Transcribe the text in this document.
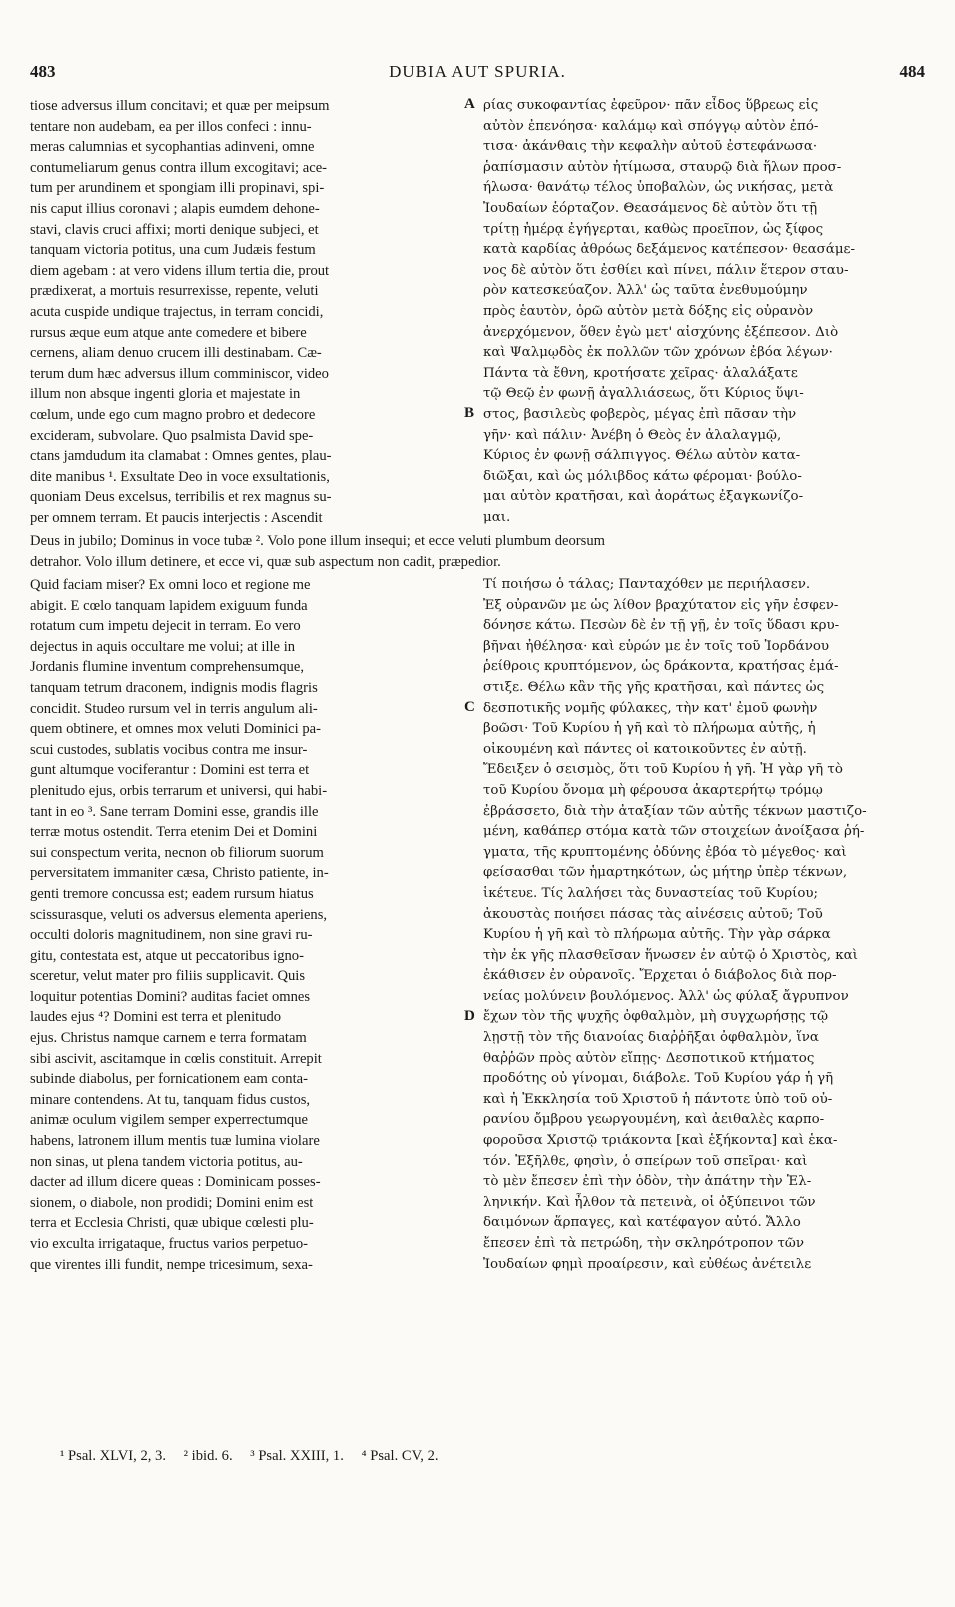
483	DUBIA AUT SPURIA.	484
tiose adversus illum concitavi; et quæ per meipsum
tentare non audebam, ea per illos confeci : innu-
meras calumnias et sycophantias adinveni, omne
contumeliarum genus contra illum excogitavi; ace-
tum per arundinem et spongiam illi propinavi, spi-
nis caput illius coronavi ; alapis eumdem dehone-
stavi, clavis cruci affixi; morti denique subjeci, et
tanquam victoria potitus, una cum Judæis festum
diem agebam : at vero videns illum tertia die, prout
prædixerat, a mortuis resurrexisse, repente, veluti
acuta cuspide undique trajectus, in terram concidi,
rursus æque eum atque ante comedere et bibere
cernens, aliam denuo crucem illi destinabam. Cæ-
terum dum hæc adversus illum comminiscor, video
illum non absque ingenti gloria et majestate in
cœlum, unde ego cum magno probro et dedecore
excideram, subvolare. Quo psalmista David spe-
ctans jamdudum ita clamabat : Omnes gentes, plau-
dite manibus ¹. Exsultate Deo in voce exsultationis,
quoniam Deus excelsus, terribilis et rex magnus su-
per omnem terram. Et paucis interjectis : Ascendit
ρίας συκοφαντίας ἐφεῦρον· πᾶν εἶδος ὕβρεως εἰς
αὐτὸν ἐπενόησα· καλάμῳ καὶ σπόγγῳ αὐτὸν ἐπό-
τισα· ἀκάνθαις τὴν κεφαλὴν αὐτοῦ ἐστεφάνωσα·
ῥαπίσμασιν αὐτὸν ἠτίμωσα, σταυρῷ διὰ ἥλων προσ-
ήλωσα· θανάτῳ τέλος ὑποβαλὼν, ὡς νικήσας, μετὰ
Ἰουδαίων ἑόρταζον. Θεασάμενος δὲ αὐτὸν ὅτι τῇ
τρίτῃ ἡμέρᾳ ἐγήγερται, καθὼς προεῖπον, ὡς ξίφος
κατὰ καρδίας ἀθρόως δεξάμενος κατέπεσον· θεασάμε-
νος δὲ αὐτὸν ὅτι ἐσθίει καὶ πίνει, πάλιν ἕτερον σταυ-
ρὸν κατεσκεύαζον. Ἀλλ' ὡς ταῦτα ἐνεθυμούμην
πρὸς ἑαυτὸν, ὁρῶ αὐτὸν μετὰ δόξης εἰς οὐρανὸν
ἀνερχόμενον, ὅθεν ἐγὼ μετ' αἰσχύνης ἐξέπεσον. Διὸ
καὶ Ψαλμῳδὸς ἐκ πολλῶν τῶν χρόνων ἐβόα λέγων·
Πάντα τὰ ἔθνη, κροτήσατε χεῖρας· ἀλαλάξατε
τῷ Θεῷ ἐν φωνῇ ἀγαλλιάσεως, ὅτι Κύριος ὕψι-
στος, βασιλεὺς φοβερὸς, μέγας ἐπὶ πᾶσαν τὴν
γῆν· καὶ πάλιν· Ἀνέβη ὁ Θεὸς ἐν ἀλαλαγμῷ,
Κύριος ἐν φωνῇ σάλπιγγος. Θέλω αὐτὸν κατα-
διῶξαι, καὶ ὡς μόλιβδος κάτω φέρομαι· βούλο-
μαι αὐτὸν κρατῆσαι, καὶ ἀοράτως ἐξαγκωνίζο-
μαι.
A
B
Deus in jubilo; Dominus in voce tubæ ². Volo pone illum insequi; et ecce veluti plumbum deorsum
detrahor. Volo illum detinere, et ecce vi, quæ sub aspectum non cadit, præpedior.
Quid faciam miser? Ex omni loco et regione me
abigit. E cœlo tanquam lapidem exiguum funda
rotatum cum impetu dejecit in terram. Eo vero
dejectus in aquis occultare me volui; at ille in
Jordanis flumine inventum comprehensumque,
tanquam tetrum draconem, indignis modis flagris
concidit. Studeo rursum vel in terris angulum ali-
quem obtinere, et omnes mox veluti Dominici pa-
scui custodes, sublatis vocibus contra me insur-
gunt altumque vociferantur : Domini est terra et
plenitudo ejus, orbis terrarum et universi, qui habi-
tant in eo ³. Sane terram Domini esse, grandis ille
terræ motus ostendit. Terra etenim Dei et Domini
sui conspectum verita, necnon ob filiorum suorum
perversitatem immaniter cæsa, Christo patiente, in-
genti tremore concussa est; eadem rursum hiatus
scissurasque, veluti os adversus elementa aperiens,
occulti doloris magnitudinem, non sine gravi ru-
gitu, contestata est, atque ut peccatoribus igno-
sceretur, velut mater pro filiis supplicavit. Quis
loquitur potentias Domini? auditas faciet omnes
laudes ejus ⁴? Domini est terra et plenitudo
ejus. Christus namque carnem e terra formatam
sibi ascivit, ascitamque in cœlis constituit. Arrepit
subinde diabolus, per fornicationem eam conta-
minare contendens. At tu, tanquam fidus custos,
animæ oculum vigilem semper experrectumque
habens, latronem illum mentis tuæ lumina violare
non sinas, ut plena tandem victoria potitus, au-
dacter ad illum dicere queas : Dominicam posses-
sionem, o diabole, non prodidi; Domini enim est
terra et Ecclesia Christi, quæ ubique cœlesti plu-
vio exculta irrigataque, fructus varios perpetuo-
que virentes illi fundit, nempe tricesimum, sexa-
Τί ποιήσω ὁ τάλας; Πανταχόθεν με περιήλασεν.
Ἐξ οὐρανῶν με ὡς λίθον βραχύτατον εἰς γῆν ἐσφεν-
δόνησε κάτω. Πεσὼν δὲ ἐν τῇ γῇ, ἐν τοῖς ὕδασι κρυ-
βῆναι ἠθέλησα· καὶ εὑρών με ἐν τοῖς τοῦ Ἰορδάνου
ῥείθροις κρυπτόμενον, ὡς δράκοντα, κρατήσας ἐμά-
στιξε. Θέλω κἂν τῆς γῆς κρατῆσαι, καὶ πάντες ὡς
δεσποτικῆς νομῆς φύλακες, τὴν κατ' ἐμοῦ φωνὴν
βοῶσι· Τοῦ Κυρίου ἡ γῆ καὶ τὸ πλήρωμα αὐτῆς, ἡ
οἰκουμένη καὶ πάντες οἱ κατοικοῦντες ἐν αὐτῇ.
Ἔδειξεν ὁ σεισμὸς, ὅτι τοῦ Κυρίου ἡ γῆ. Ἡ γὰρ γῆ τὸ
τοῦ Κυρίου ὄνομα μὴ φέρουσα ἀκαρτερήτῳ τρόμῳ
ἐβράσσετο, διὰ τὴν ἀταξίαν τῶν αὐτῆς τέκνων μαστιζο-
μένη, καθάπερ στόμα κατὰ τῶν στοιχείων ἀνοίξασα ῥή-
γματα, τῆς κρυπτομένης ὀδύνης ἐβόα τὸ μέγεθος· καὶ
φείσασθαι τῶν ἡμαρτηκότων, ὡς μήτηρ ὑπὲρ τέκνων,
ἱκέτευε. Τίς λαλήσει τὰς δυναστείας τοῦ Κυρίου;
ἀκουστὰς ποιήσει πάσας τὰς αἰνέσεις αὐτοῦ; Τοῦ
Κυρίου ἡ γῆ καὶ τὸ πλήρωμα αὐτῆς. Τὴν γὰρ σάρκα
τὴν ἐκ γῆς πλασθεῖσαν ἥνωσεν ἐν αὐτῷ ὁ Χριστὸς, καὶ
ἐκάθισεν ἐν οὐρανοῖς. Ἔρχεται ὁ διάβολος διὰ πορ-
νείας μολύνειν βουλόμενος. Ἀλλ' ὡς φύλαξ ἄγρυπνον
ἔχων τὸν τῆς ψυχῆς ὀφθαλμὸν, μὴ συγχωρήσῃς τῷ
λῃστῇ τὸν τῆς διανοίας διαῤῥῆξαι ὀφθαλμὸν, ἵνα
θαῤῥῶν πρὸς αὐτὸν εἴπῃς· Δεσποτικοῦ κτήματος
προδότης οὐ γίνομαι, διάβολε. Τοῦ Κυρίου γάρ ἡ γῆ
καὶ ἡ Ἐκκλησία τοῦ Χριστοῦ ἡ πάντοτε ὑπὸ τοῦ οὐ-
ρανίου ὄμβρου γεωργουμένη, καὶ ἀειθαλὲς καρπο-
φοροῦσα Χριστῷ τριάκοντα [καὶ ἑξήκοντα] καὶ ἑκα-
τόν. Ἐξῆλθε, φησὶν, ὁ σπείρων τοῦ σπεῖραι· καὶ
τὸ μὲν ἔπεσεν ἐπὶ τὴν ὁδὸν, τὴν ἀπάτην τὴν Ἑλ-
ληνικήν. Καὶ ἦλθον τὰ πετεινὰ, οἱ ὀξύπεινοι τῶν
δαιμόνων ἅρπαγες, καὶ κατέφαγον αὐτό. Ἄλλο
ἔπεσεν ἐπὶ τὰ πετρώδη, τὴν σκληρότροπον τῶν
Ἰουδαίων φημὶ προαίρεσιν, καὶ εὐθέως ἀνέτειλε
C
D
¹ Psal. XLVI, 2, 3. ² ibid. 6. ³ Psal. XXIII, 1. ⁴ Psal. CV, 2.
